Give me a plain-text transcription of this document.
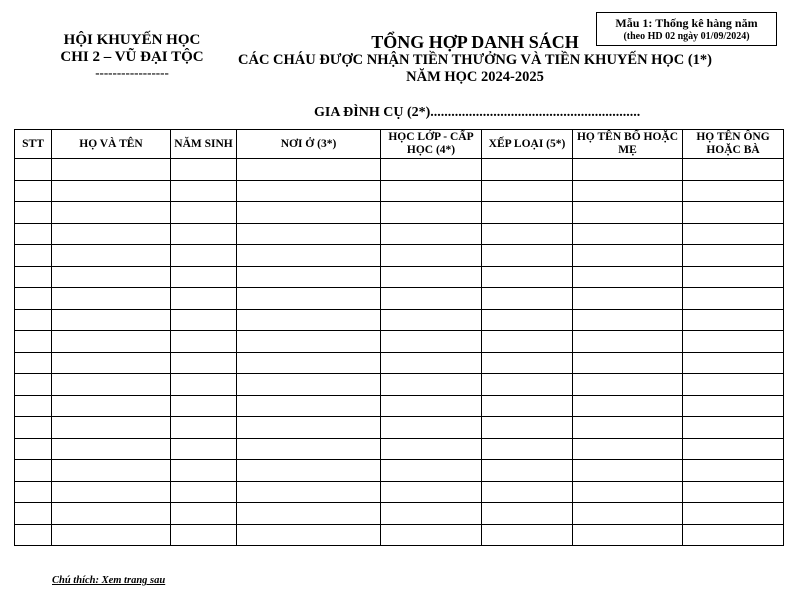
HỘI KHUYẾN HỌC
CHI 2 – VŨ ĐẠI TỘC
-----------------
Mẫu 1: Thống kê hàng năm
(theo HD 02 ngày 01/09/2024)
TỔNG HỢP DANH SÁCH
CÁC CHÁU ĐƯỢC NHẬN TIỀN THƯỞNG VÀ TIỀN KHUYẾN HỌC (1*)
NĂM HỌC 2024-2025
GIA ĐÌNH CỤ (2*)............................................................
STT	HỌ VÀ TÊN	NĂM SINH	NƠI Ở (3*)	HỌC LỚP - CẤP HỌC (4*)	XẾP LOẠI (5*)	HỌ TÊN BỐ HOẶC MẸ	HỌ TÊN ÔNG HOẶC BÀ

Chú thích: Xem trang sau
